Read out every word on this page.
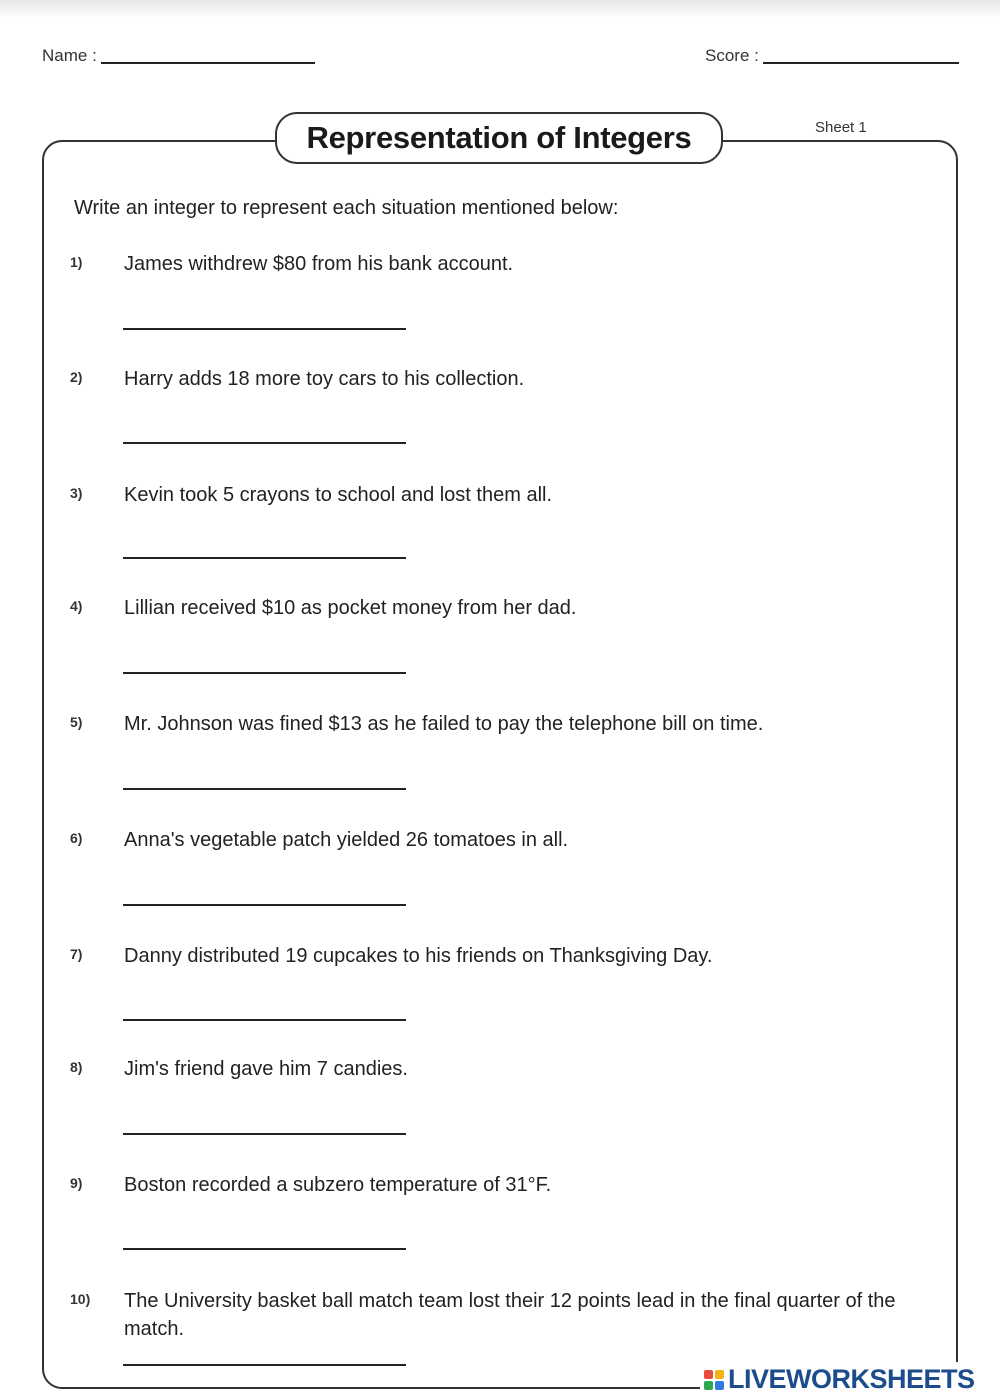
Name :	Score :
Representation of Integers	Sheet 1
Write an integer to represent each situation mentioned below:
1) James withdrew $80 from his bank account.
2) Harry adds 18 more toy cars to his collection.
3) Kevin took 5 crayons to school and lost them all.
4) Lillian received $10 as pocket money from her dad.
5) Mr. Johnson was fined $13 as he failed to pay the telephone bill on time.
6) Anna's vegetable patch yielded 26 tomatoes in all.
7) Danny distributed 19 cupcakes to his friends on Thanksgiving Day.
8) Jim's friend gave him 7 candies.
9) Boston recorded a subzero temperature of 31°F.
10) The University basket ball match team lost their 12 points lead in the final quarter of the match.
LIVEWORKSHEETS
